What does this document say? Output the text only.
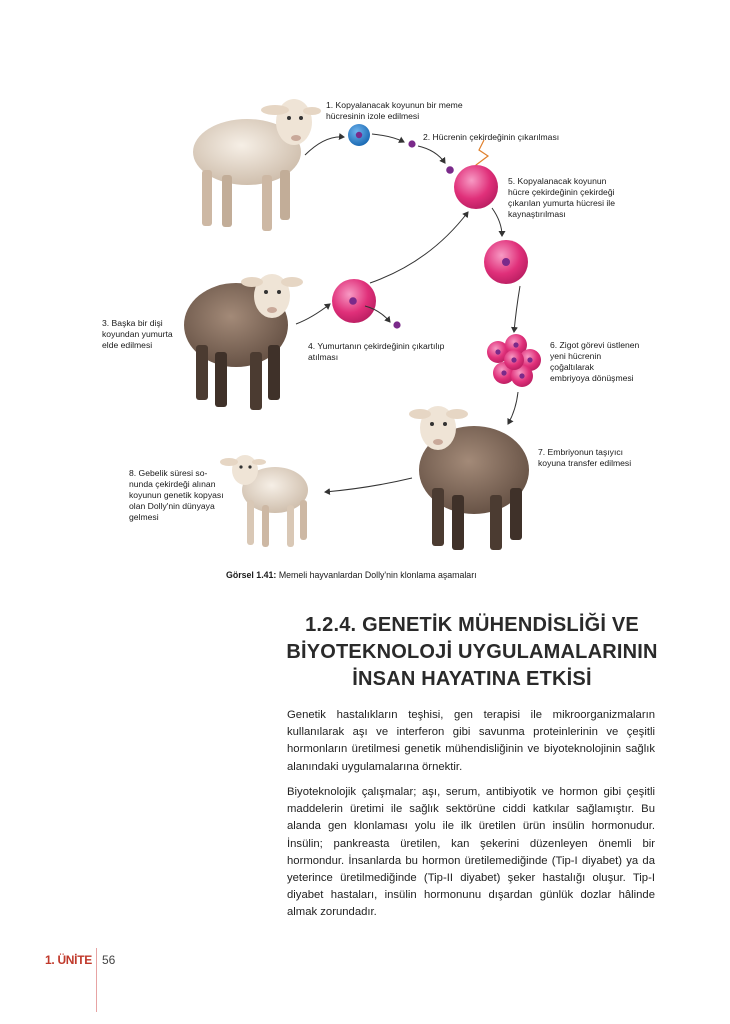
1. Kopyalanacak koyunun bir meme
hücresinin izole edilmesi
2. Hücrenin çekirdeğinin çıkarılması
5. Kopyalanacak koyunun
hücre çekirdeğinin çekirdeği
çıkarılan yumurta hücresi ile
kaynaştırılması
3. Başka bir dişi
koyundan yumurta
elde edilmesi	4. Yumurtanın çekirdeğinin çıkartılıp
atılması
6. Zigot görevi üstlenen
yeni hücrenin
çoğaltılarak
embriyoya dönüşmesi
7. Embriyonun taşıyıcı
koyuna transfer edilmesi
8. Gebelik süresi so-
nunda çekirdeği alınan
koyunun genetik kopyası
olan Dolly'nin dünyaya
gelmesi
Görsel 1.41: Memeli hayvanlardan Dolly'nin klonlama aşamaları
1.2.4. GENETİK MÜHENDİSLİĞİ VE
BİYOTEKNOLOJİ UYGULAMALARININ
İNSAN HAYATINA ETKİSİ

Genetik hastalıkların teşhisi, gen terapisi ile mikroorganizmaların kullanılarak aşı ve interferon gibi savunma proteinlerinin ve çeşitli hormonların üretilmesi genetik mühendisliğinin ve biyoteknolojinin sağlık alanındaki uygulamalarına örnektir.

Biyoteknolojik çalışmalar; aşı, serum, antibiyotik ve hormon gibi çeşitli maddelerin üretimi ile sağlık sektörüne ciddi katkılar sağlamıştır. Bu alanda gen klonlaması yolu ile ilk üretilen ürün insülin hormonudur. İnsülin; pankreasta üretilen, kan şekerini düzenleyen önemli bir hormondur. İnsanlarda bu hormon üretilemediğinde (Tip-I diyabet) ya da yeterince üretilmediğinde (Tip-II diyabet) şeker hastalığı oluşur. Tip-I diyabet hastaları, insülin hormonunu dışardan günlük dozlar hâlinde almak zorundadır.

1. ÜNİTE 56
